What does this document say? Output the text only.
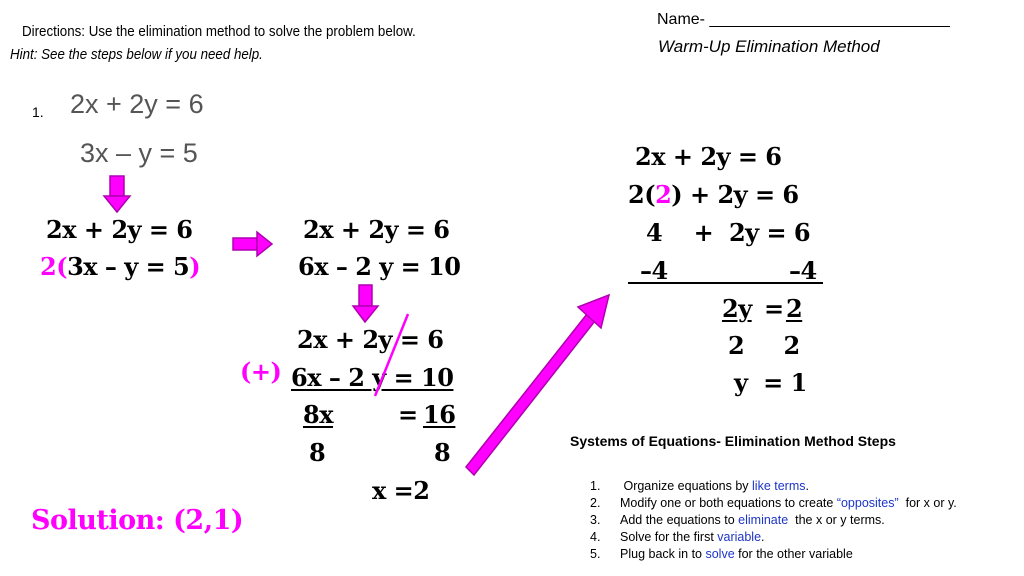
Directions: Use the elimination method to solve the problem below.
Hint: See the steps below if you need help.
Name- ___________________________
Warm-Up Elimination Method
1. 2x + 2y = 6
3x – y = 5
2x + 2y = 6
2(3x – y = 5)
2x + 2y = 6
6x – 2 y = 10
2x + 2y = 6
(+) 6x – 2 y = 10
8x	= 16
8	8
x =2
2x + 2y = 6
2(2) + 2y = 6
4    +  2y = 6
–4	–4
2y = 2
2     2
y  = 1
Solution: (2,1)
Systems of Equations- Elimination Method Steps
1. Organize equations by like terms.
2. Modify one or both equations to create “opposites”  for x or y.
3. Add the equations to eliminate  the x or y terms.
4. Solve for the first variable.
5. Plug back in to solve for the other variable
